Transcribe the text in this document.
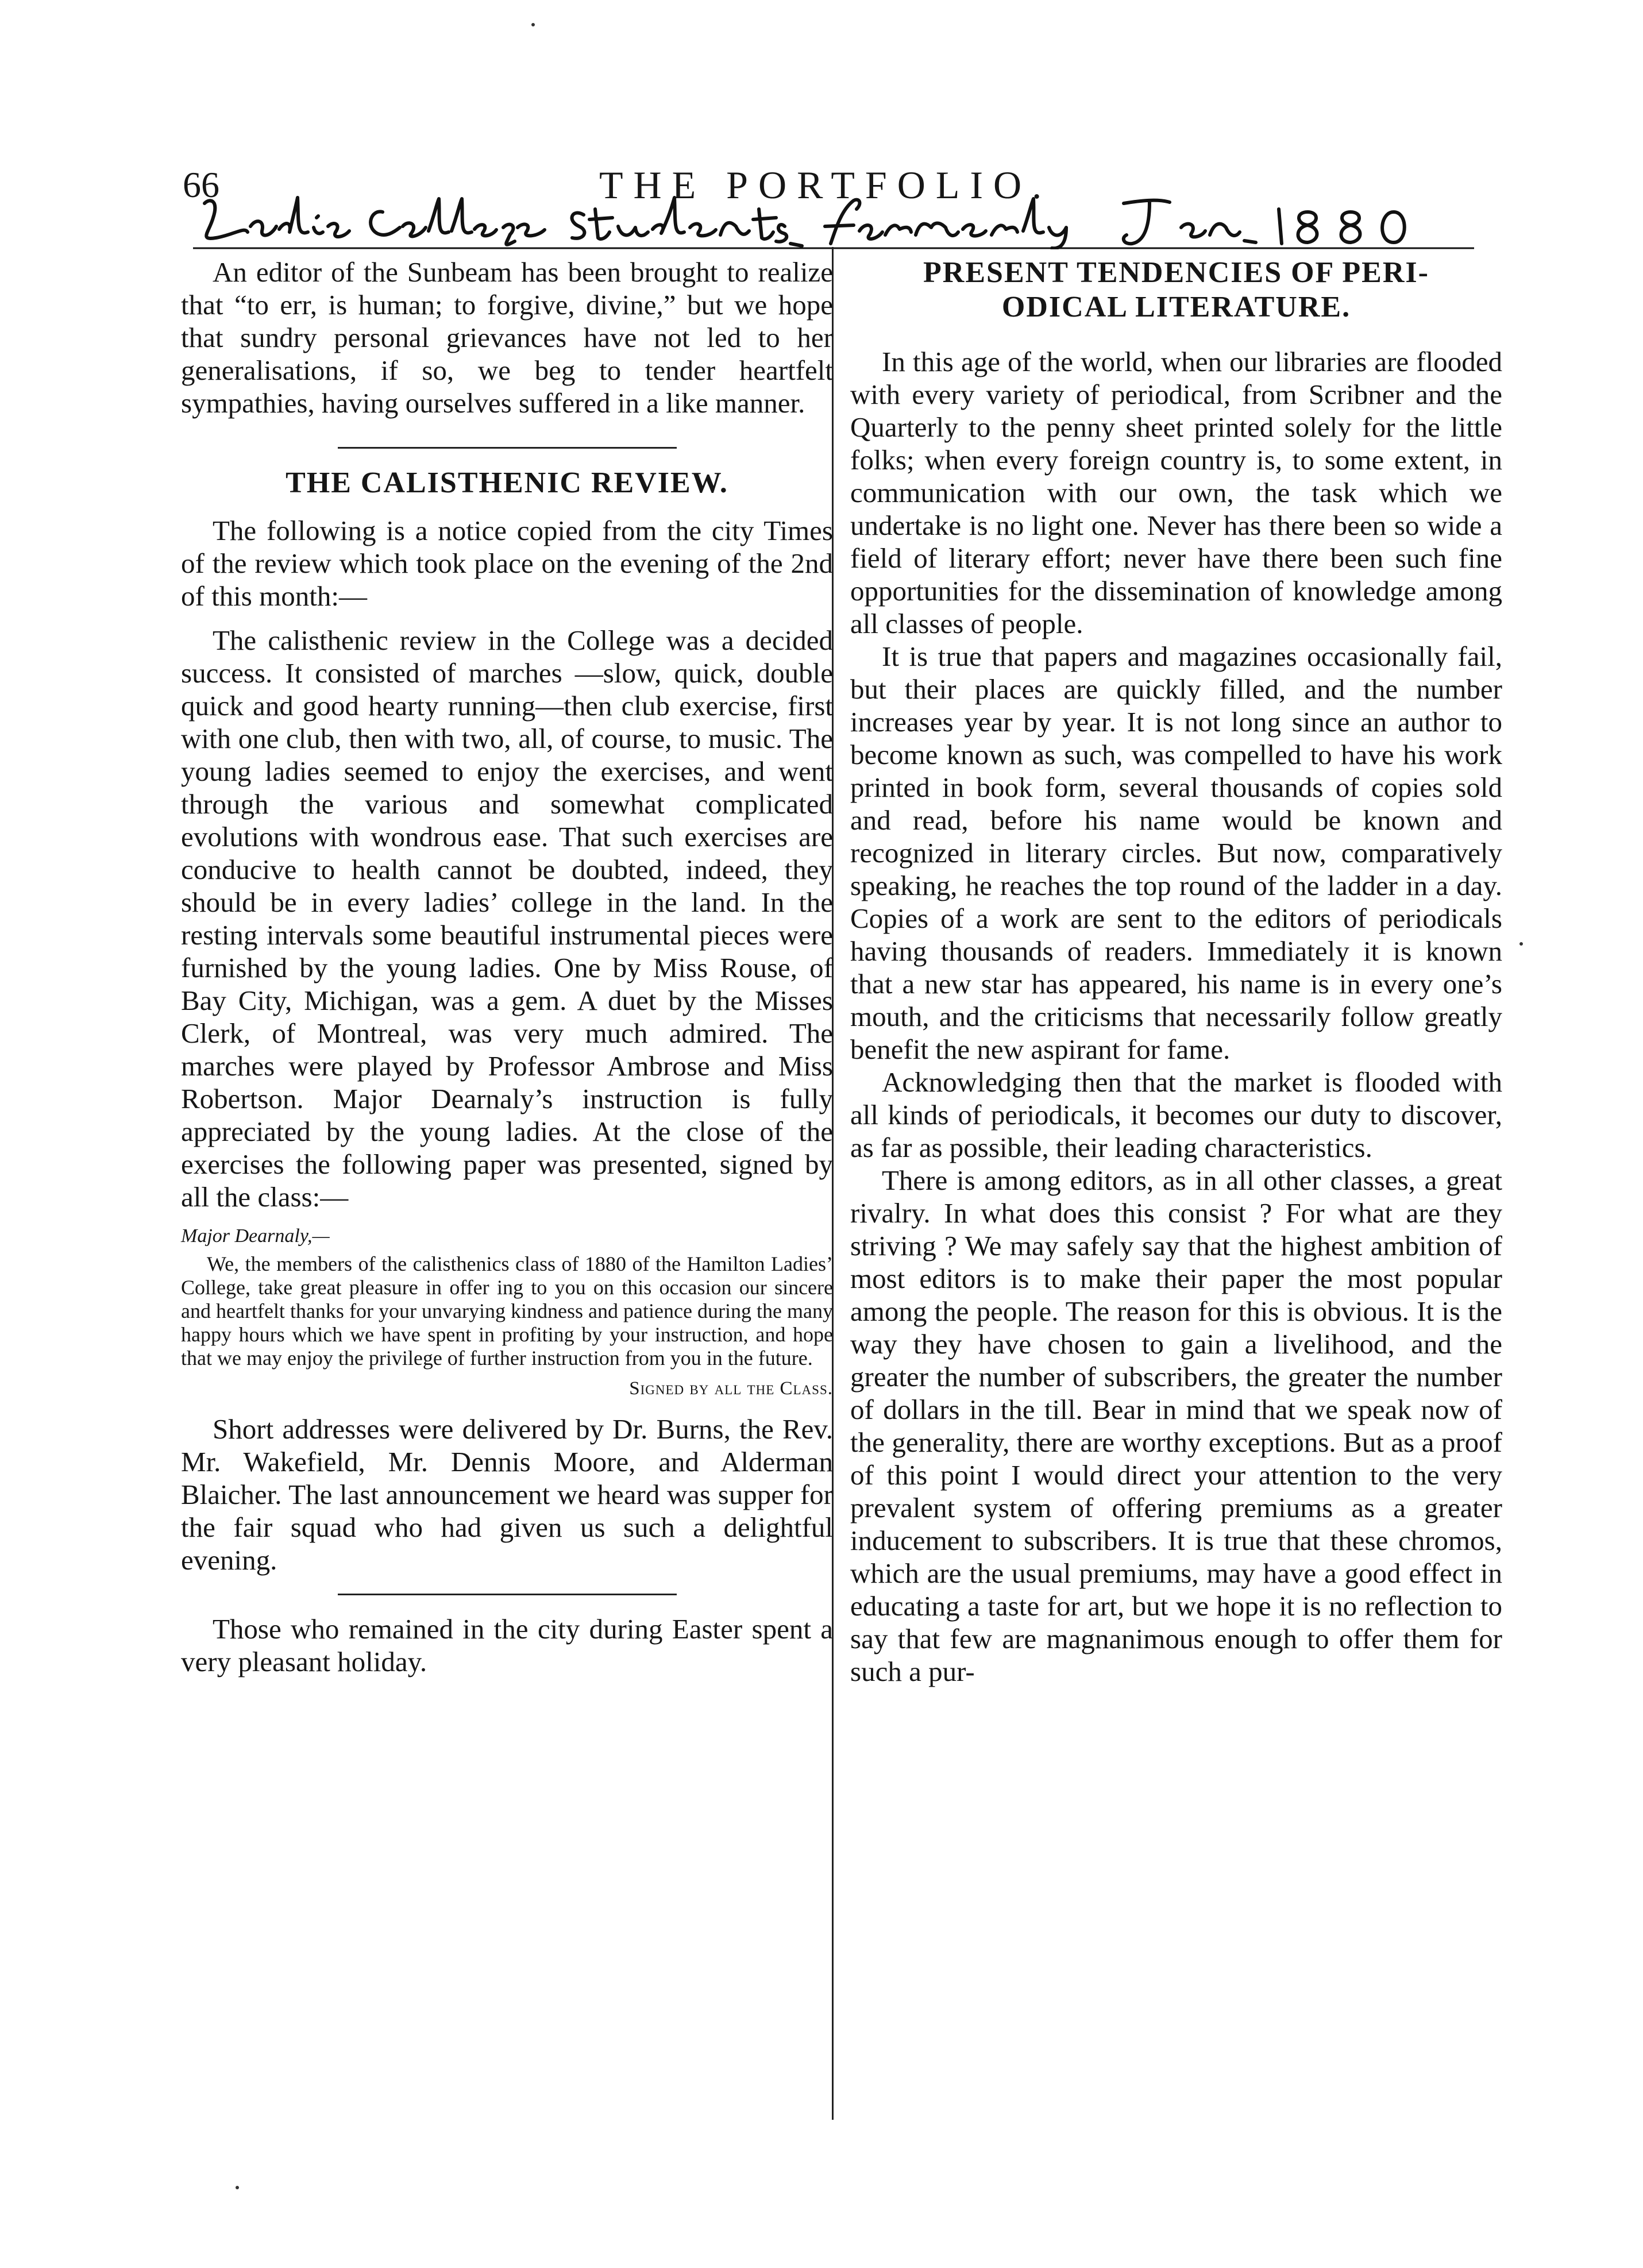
66	THE PORTFOLIO.

An editor of the Sunbeam has been brought to realize that “to err, is human; to forgive, divine,” but we hope that sundry personal grievances have not led to her generalisations, if so, we beg to tender heartfelt sympathies, having ourselves suffered in a like manner.

THE CALISTHENIC REVIEW.

The following is a notice copied from the city Times of the review which took place on the evening of the 2nd of this month:—

The calisthenic review in the College was a decided success. It consisted of marches —slow, quick, double quick and good hearty running—then club exercise, first with one club, then with two, all, of course, to music. The young ladies seemed to enjoy the exercises, and went through the various and somewhat complicated evolutions with wondrous ease. That such exercises are conducive to health cannot be doubted, indeed, they should be in every ladies’ college in the land. In the resting intervals some beautiful instrumental pieces were furnished by the young ladies. One by Miss Rouse, of Bay City, Michigan, was a gem. A duet by the Misses Clerk, of Montreal, was very much admired. The marches were played by Professor Ambrose and Miss Robertson. Major Dearnaly’s instruction is fully appreciated by the young ladies. At the close of the exercises the following paper was presented, signed by all the class:—

Major Dearnaly,—

We, the members of the calisthenics class of 1880 of the Hamilton Ladies’ College, take great pleasure in offer ing to you on this occasion our sincere and heartfelt thanks for your unvarying kindness and patience during the many happy hours which we have spent in profiting by your instruction, and hope that we may enjoy the privilege of further instruction from you in the future.

Signed by all the Class.

Short addresses were delivered by Dr. Burns, the Rev. Mr. Wakefield, Mr. Dennis Moore, and Alderman Blaicher. The last announcement we heard was supper for the fair squad who had given us such a delightful evening.

Those who remained in the city during Easter spent a very pleasant holiday.

PRESENT TENDENCIES OF PERI-
ODICAL LITERATURE.

In this age of the world, when our libraries are flooded with every variety of periodical, from Scribner and the Quarterly to the penny sheet printed solely for the little folks; when every foreign country is, to some extent, in communication with our own, the task which we undertake is no light one. Never has there been so wide a field of literary effort; never have there been such fine opportunities for the dissemination of knowledge among all classes of people.

It is true that papers and magazines occasionally fail, but their places are quickly filled, and the number increases year by year. It is not long since an author to become known as such, was compelled to have his work printed in book form, several thousands of copies sold and read, before his name would be known and recognized in literary circles. But now, comparatively speaking, he reaches the top round of the ladder in a day. Copies of a work are sent to the editors of periodicals having thousands of readers. Immediately it is known that a new star has appeared, his name is in every one’s mouth, and the criticisms that necessarily follow greatly benefit the new aspirant for fame.

Acknowledging then that the market is flooded with all kinds of periodicals, it becomes our duty to discover, as far as possible, their leading characteristics.

There is among editors, as in all other classes, a great rivalry. In what does this consist ? For what are they striving ? We may safely say that the highest ambition of most editors is to make their paper the most popular among the people. The reason for this is obvious. It is the way they have chosen to gain a livelihood, and the greater the number of subscribers, the greater the number of dollars in the till. Bear in mind that we speak now of the generality, there are worthy exceptions. But as a proof of this point I would direct your attention to the very prevalent system of offering premiums as a greater inducement to subscribers. It is true that these chromos, which are the usual premiums, may have a good effect in educating a taste for art, but we hope it is no reflection to say that few are magnanimous enough to offer them for such a pur-
